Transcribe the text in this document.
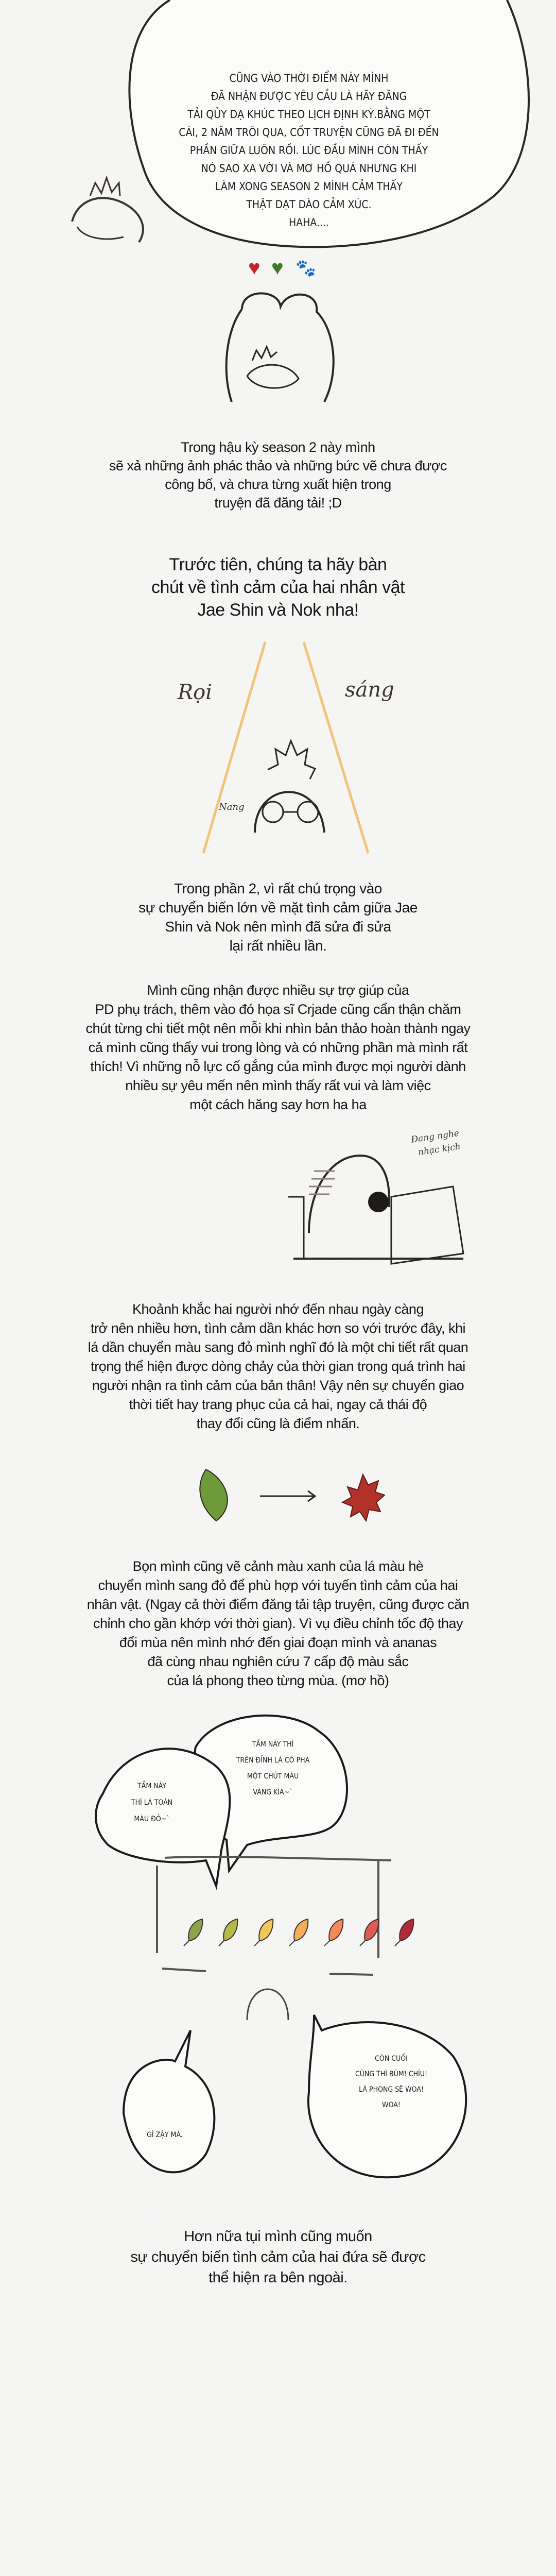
CŨNG VÀO THỜI ĐIỂM NÀY MÌNH
ĐÃ NHẬN ĐƯỢC YÊU CẦU LÀ HÃY ĐĂNG
TẢI QỦY DẠ KHÚC THEO LỊCH ĐỊNH KỲ.BẰNG MỘT
CÁI, 2 NĂM TRÔI QUA, CỐT TRUYỆN CŨNG ĐÃ ĐI ĐẾN
PHẦN GIỮA LUÔN RỒI. LÚC ĐẦU MÌNH CÒN THẤY
NÓ SAO XA VỜI VÀ MƠ HỒ QUÁ NHƯNG KHI
LÀM XONG SEASON 2 MÌNH CẢM THẤY
THẬT DẠT DÀO CẢM XÚC.
HAHA....
♥ ♥ 🐾
Trong hậu kỳ season 2 này mình
sẽ xả những ảnh phác thảo và những bức vẽ chưa được
công bố, và chưa từng xuất hiện trong
truyện đã đăng tải! ;D
Trước tiên, chúng ta hãy bàn
chút về tình cảm của hai nhân vật
Jae Shin và Nok nha!
Rọi	sáng
Nang
Trong phần 2, vì rất chú trọng vào
sự chuyển biến lớn về mặt tình cảm giữa Jae
Shin và Nok nên mình đã sửa đi sửa
lại rất nhiều lần.
Mình cũng nhận được nhiều sự trợ giúp của
PD phụ trách, thêm vào đó họa sĩ Crjade cũng cẩn thận chăm
chút từng chi tiết một nên mỗi khi nhìn bản thảo hoàn thành ngay
cả mình cũng thấy vui trong lòng và có những phần mà mình rất
thích! Vì những nỗ lực cố gắng của mình được mọi người dành
nhiều sự yêu mến nên mình thấy rất vui và làm việc
một cách hăng say hơn ha ha
Đang nghe
nhạc kịch
Khoảnh khắc hai người nhớ đến nhau ngày càng
trở nên nhiều hơn, tình cảm dần khác hơn so với trước đây, khi
lá dần chuyển màu sang đỏ mình nghĩ đó là một chi tiết rất quan
trọng thể hiện được dòng chảy của thời gian trong quá trình hai
người nhận ra tình cảm của bản thân! Vậy nên sự chuyển giao
thời tiết hay trang phục của cả hai, ngay cả thái độ
thay đổi cũng là điểm nhấn.
Bọn mình cũng vẽ cảnh màu xanh của lá màu hè
chuyển mình sang đỏ để phù hợp với tuyến tình cảm của hai
nhân vật. (Ngay cả thời điểm đăng tải tập truyện, cũng được căn
chỉnh cho gần khớp với thời gian). Vì vụ điều chỉnh tốc độ thay
đổi mùa nên mình nhớ đến giai đoạn mình và ananas
đã cùng nhau nghiên cứu 7 cấp độ màu sắc
của lá phong theo từng mùa. (mơ hồ)
TẦM NÀY
THÌ LÁ TOÀN
MÀU ĐỎ~`
TẦM NÀY THÌ
TRÊN ĐỈNH LÁ CÓ PHA
MỘT CHÚT MÀU
VÀNG KÌA~`
CÒN CUỐI
CÙNG THÌ BÙM! CHÍU!
LÁ PHONG SẼ WOA!
WOA!
GÌ ZẬY MÁ.
Hơn nữa tụi mình cũng muốn
sự chuyển biến tình cảm của hai đứa sẽ được
thể hiện ra bên ngoài.
